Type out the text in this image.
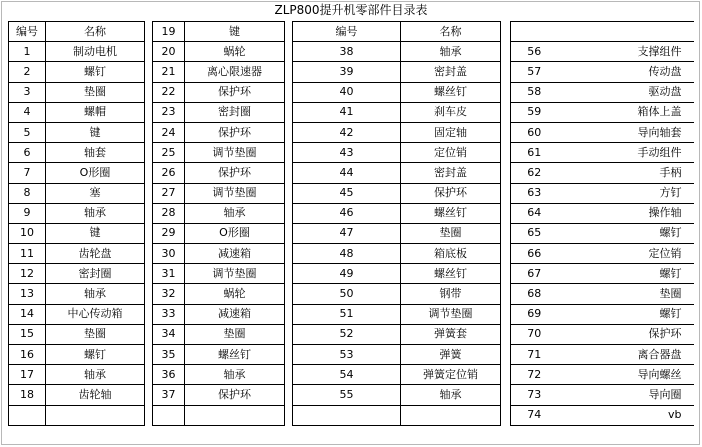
ZLP800提升机零部件目录表
编号	名称		19	键		编号	名称			
1	制动电机		20	蜗轮		38	轴承		56	支撑组件
2	螺钉		21	离心限速器		39	密封盖		57	传动盘
3	垫圈		22	保护环		40	螺丝钉		58	驱动盘
4	螺帽		23	密封圈		41	刹车皮		59	箱体上盖
5	键		24	保护环		42	固定轴		60	导向轴套
6	轴套		25	调节垫圈		43	定位销		61	手动组件
7	O形圈		26	保护环		44	密封盖		62	手柄
8	塞		27	调节垫圈		45	保护环		63	方钉
9	轴承		28	轴承		46	螺丝钉		64	操作轴
10	键		29	O形圈		47	垫圈		65	螺钉
11	齿轮盘		30	减速箱		48	箱底板		66	定位销
12	密封圈		31	调节垫圈		49	螺丝钉		67	螺钉
13	轴承		32	蜗轮		50	钢带		68	垫圈
14	中心传动箱		33	减速箱		51	调节垫圈		69	螺钉
15	垫圈		34	垫圈		52	弹簧套		70	保护环
16	螺钉		35	螺丝钉		53	弹簧		71	离合器盘
17	轴承		36	轴承		54	弹簧定位销		72	导向螺丝
18	齿轮轴		37	保护环		55	轴承		73	导向圈
									74	vb
